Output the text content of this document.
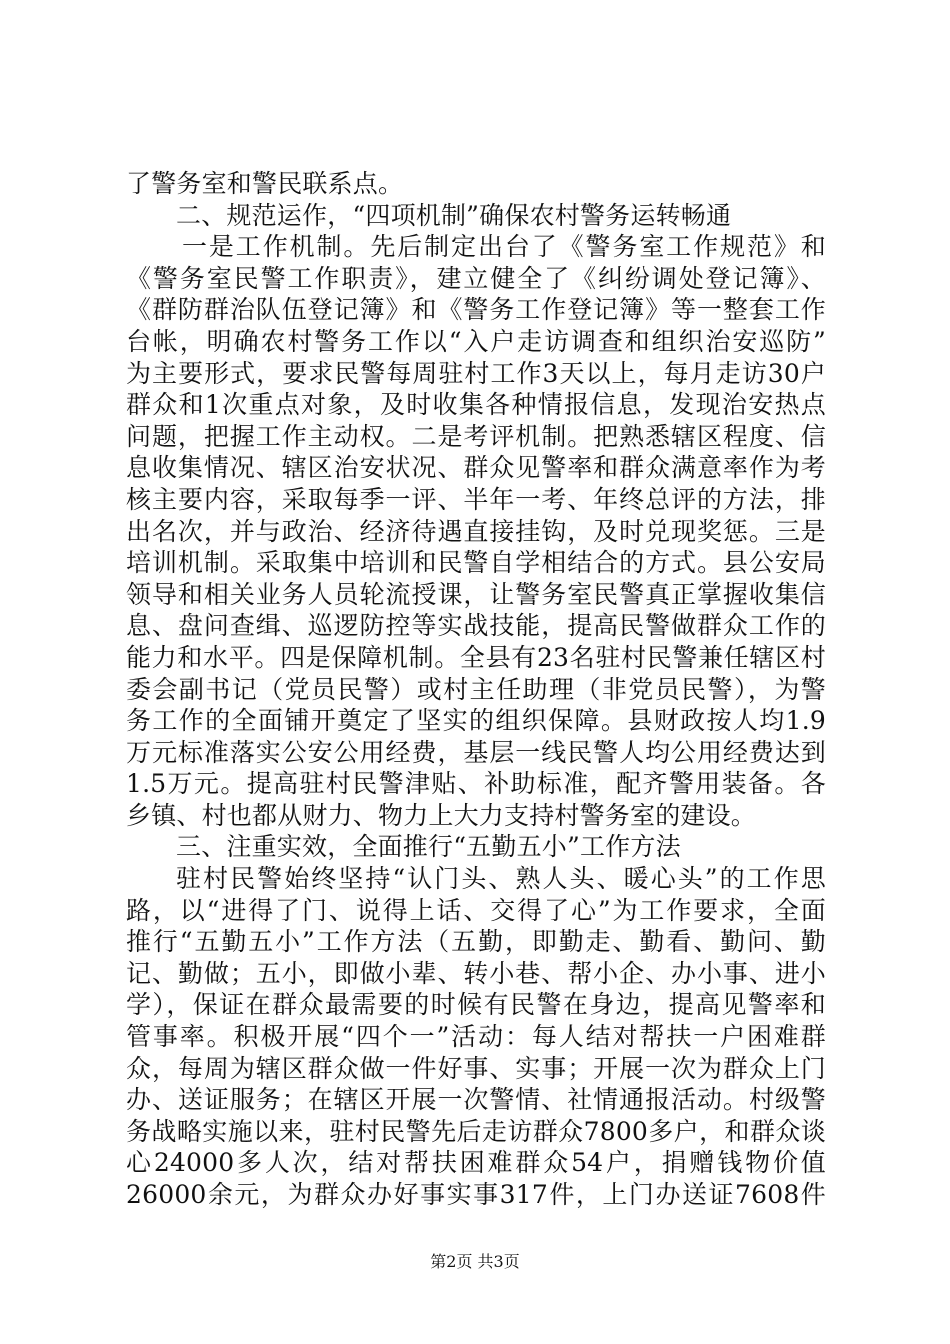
了警务室和警民联系点。
二、规范运作，“四项机制”确保农村警务运转畅通
一是工作机制。先后制定出台了《警务室工作规范》和
《警务室民警工作职责》，建立健全了《纠纷调处登记簿》、
《群防群治队伍登记簿》和《警务工作登记簿》等一整套工作
台帐，明确农村警务工作以“入户走访调查和组织治安巡防”
为主要形式，要求民警每周驻村工作3天以上，每月走访30户
群众和1次重点对象，及时收集各种情报信息，发现治安热点
问题，把握工作主动权。二是考评机制。把熟悉辖区程度、信
息收集情况、辖区治安状况、群众见警率和群众满意率作为考
核主要内容，采取每季一评、半年一考、年终总评的方法，排
出名次，并与政治、经济待遇直接挂钩，及时兑现奖惩。三是
培训机制。采取集中培训和民警自学相结合的方式。县公安局
领导和相关业务人员轮流授课，让警务室民警真正掌握收集信
息、盘问查缉、巡逻防控等实战技能，提高民警做群众工作的
能力和水平。四是保障机制。全县有23名驻村民警兼任辖区村
委会副书记（党员民警）或村主任助理（非党员民警），为警
务工作的全面铺开奠定了坚实的组织保障。县财政按人均1.9
万元标准落实公安公用经费，基层一线民警人均公用经费达到
1.5万元。提高驻村民警津贴、补助标准，配齐警用装备。各
乡镇、村也都从财力、物力上大力支持村警务室的建设。
三、注重实效，全面推行“五勤五小”工作方法
驻村民警始终坚持“认门头、熟人头、暖心头”的工作思
路，以“进得了门、说得上话、交得了心”为工作要求，全面
推行“五勤五小”工作方法（五勤，即勤走、勤看、勤问、勤
记、勤做；五小，即做小辈、转小巷、帮小企、办小事、进小
学），保证在群众最需要的时候有民警在身边，提高见警率和
管事率。积极开展“四个一”活动：每人结对帮扶一户困难群
众，每周为辖区群众做一件好事、实事；开展一次为群众上门
办、送证服务；在辖区开展一次警情、社情通报活动。村级警
务战略实施以来，驻村民警先后走访群众7800多户，和群众谈
心24000多人次，结对帮扶困难群众54户，捐赠钱物价值
26000余元，为群众办好事实事317件，上门办送证7608件
第2页 共3页
